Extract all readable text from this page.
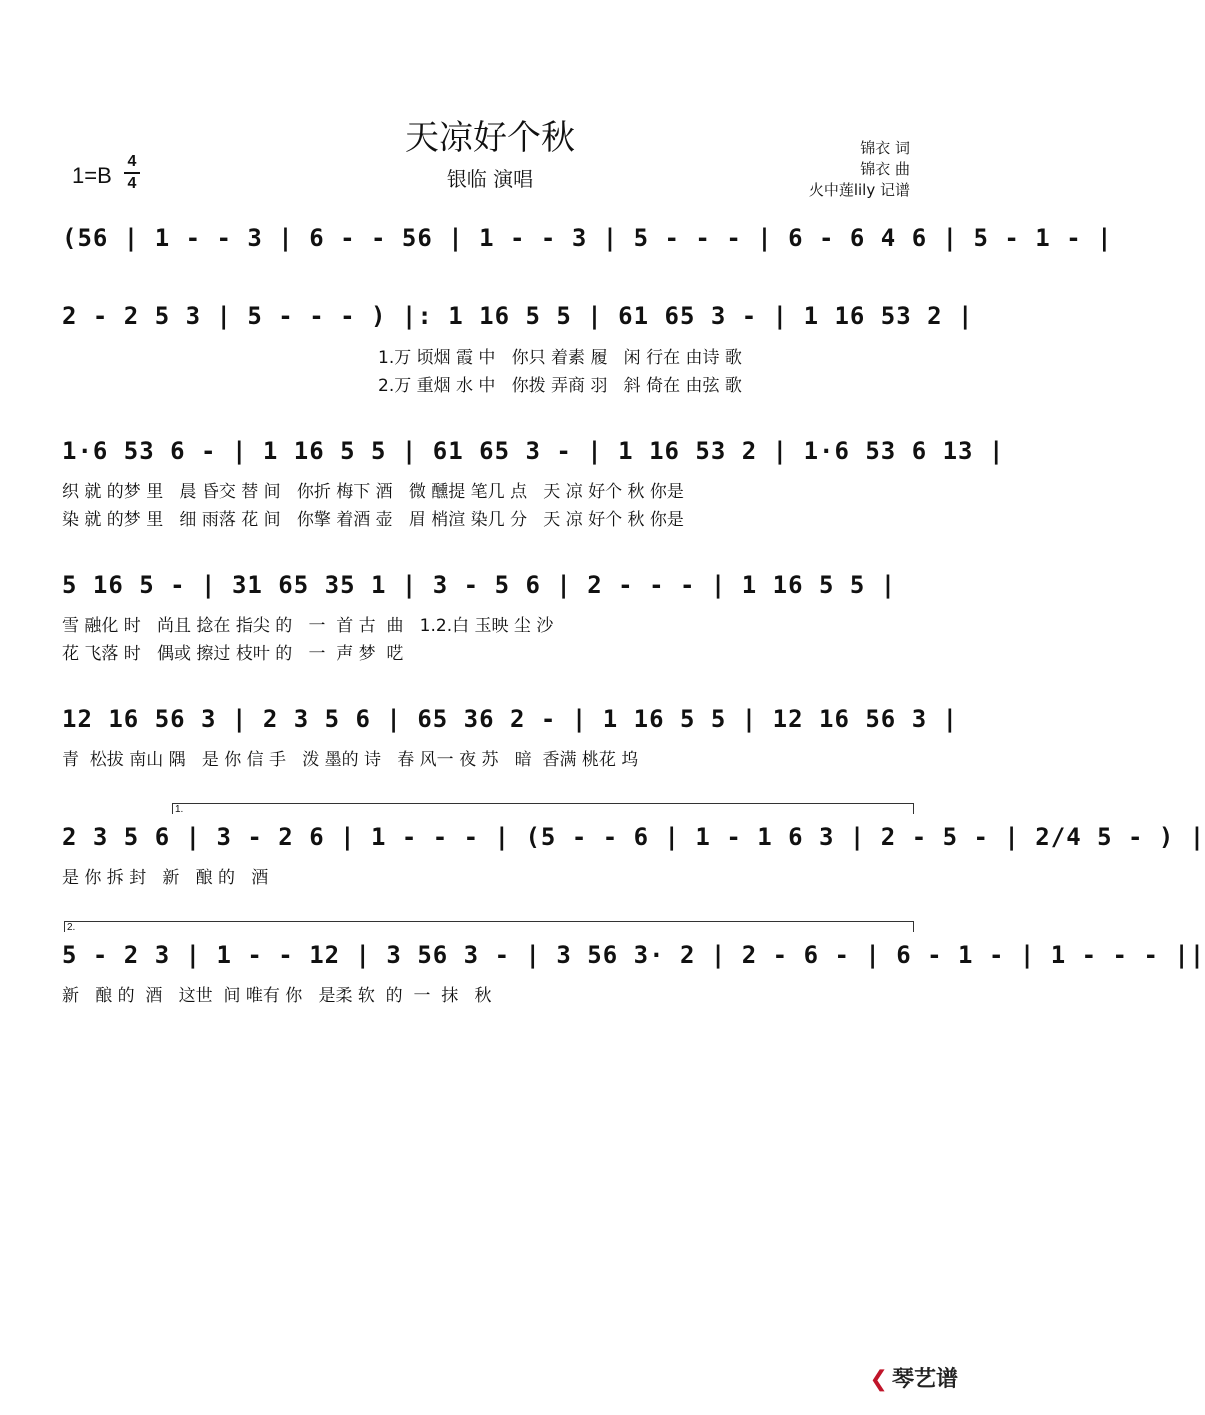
天凉好个秋
银临 演唱
锦衣 词
锦衣 曲
火中莲lily 记谱
1=B
4
4
(56 | 1 - - 3 | 6 - - 56 | 1 - - 3 | 5 - - - | 6 - 6 4 6 | 5 - 1 - |
2 - 2 5 3 | 5 - - - ) |: 1 16 5 5 | 61 65 3 - | 1 16 53 2 |
1.万 顷烟 霞 中   你只 着素 履   闲 行在 由诗 歌
2.万 重烟 水 中   你拨 弄商 羽   斜 倚在 由弦 歌
1·6 53 6 - | 1 16 5 5 | 61 65 3 - | 1 16 53 2 | 1·6 53 6 13 |
织 就 的梦 里   晨 昏交 替 间   你折 梅下 酒   微 醺提 笔几 点   天 凉 好个 秋 你是
染 就 的梦 里   细 雨落 花 间   你擎 着酒 壶   眉 梢渲 染几 分   天 凉 好个 秋 你是
5 16 5 - | 31 65 35 1 | 3 - 5 6 | 2 - - - | 1 16 5 5 |
雪 融化 时   尚且 捻在 指尖 的   一  首 古  曲   1.2.白 玉映 尘 沙
花 飞落 时   偶或 擦过 枝叶 的   一  声 梦  呓
12 16 56 3 | 2 3 5 6 | 65 36 2 - | 1 16 5 5 | 12 16 56 3 |
青  松拔 南山 隅   是 你 信 手   泼 墨的 诗   春 风一 夜 苏   暗  香满 桃花 坞
1.
2 3 5 6 | 3 - 2 6 | 1 - - - | (5 - - 6 | 1 - 1 6 3 | 2 - 5 - | 2/4 5 - ) |
是 你 拆 封   新   酿 的   酒
2.
5 - 2 3 | 1 - - 12 | 3 56 3 - | 3 56 3· 2 | 2 - 6 - | 6 - 1 - | 1 - - - ||
新   酿 的  酒   这世  间 唯有 你   是柔 软  的  一  抹   秋
❮ 琴艺谱
